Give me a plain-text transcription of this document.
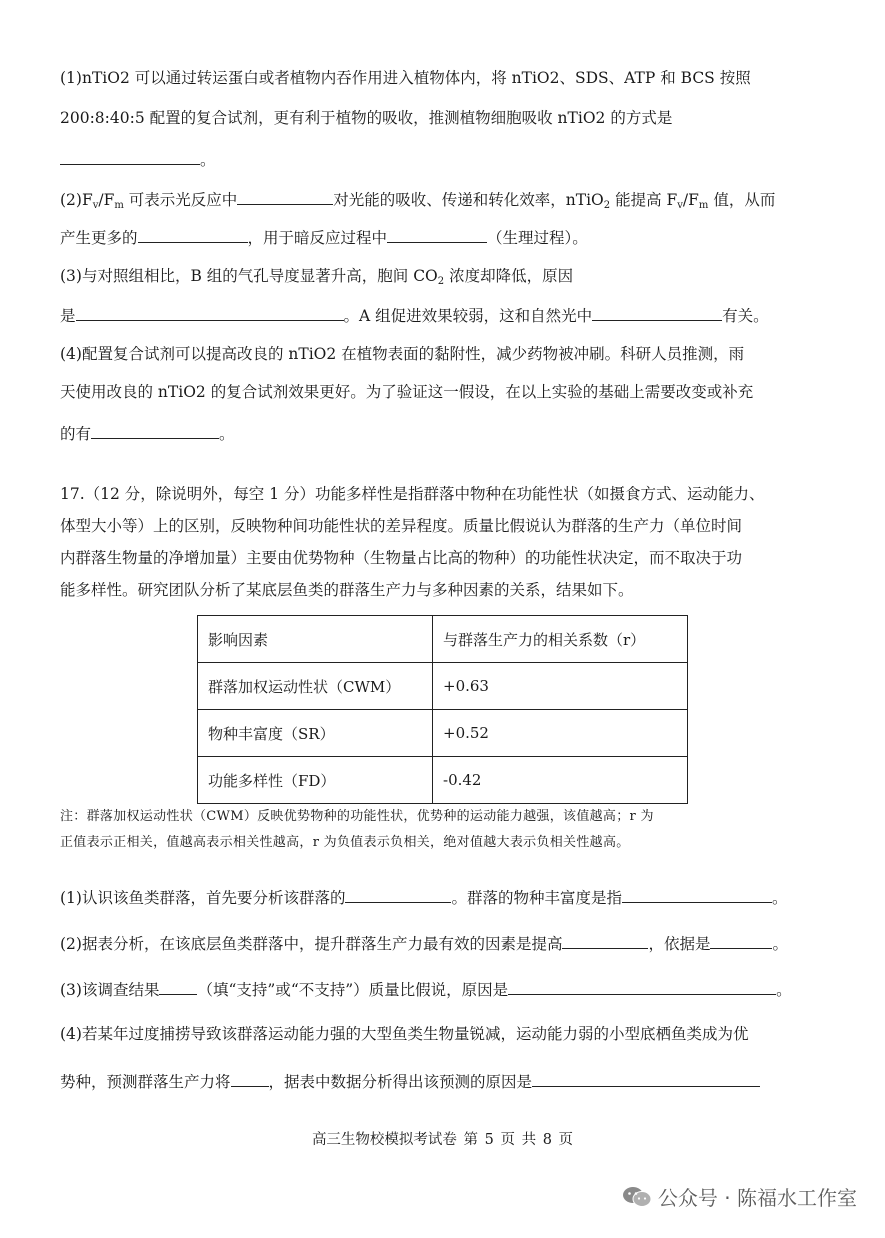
(1)nTiO2 可以通过转运蛋白或者植物内吞作用进入植物体内，将 nTiO2、SDS、ATP 和 BCS 按照
200:8:40:5 配置的复合试剂，更有利于植物的吸收，推测植物细胞吸收 nTiO2 的方式是
。
$(2)F_v/F_m$ 可表示光反应中	对光能的吸收、传递和转化效率，nTiO$_2$ 能提高 $F_v/F_m$ 值，从而
产生更多的	，用于暗反应过程中	（生理过程）。
(3)与对照组相比，B 组的气孔导度显著升高，胞间 $CO_2$ 浓度却降低，原因
是	。A 组促进效果较弱，这和自然光中	有关。
(4)配置复合试剂可以提高改良的 nTiO2 在植物表面的黏附性，减少药物被冲刷。科研人员推测，雨
天使用改良的 nTiO2 的复合试剂效果更好。为了验证这一假设，在以上实验的基础上需要改变或补充
的有	。
17.（12 分，除说明外，每空 1 分）功能多样性是指群落中物种在功能性状（如摄食方式、运动能力、
体型大小等）上的区别，反映物种间功能性状的差异程度。质量比假说认为群落的生产力（单位时间
内群落生物量的净增加量）主要由优势物种（生物量占比高的物种）的功能性状决定，而不取决于功
能多样性。研究团队分析了某底层鱼类的群落生产力与多种因素的关系，结果如下。
影响因素	与群落生产力的相关系数（r）
群落加权运动性状（CWM）	+0.63
物种丰富度（SR）	+0.52
功能多样性（FD）	-0.42
注：群落加权运动性状（CWM）反映优势物种的功能性状，优势种的运动能力越强，该值越高；r 为
正值表示正相关，值越高表示相关性越高，r 为负值表示负相关，绝对值越大表示负相关性越高。
(1)认识该鱼类群落，首先要分析该群落的	。群落的物种丰富度是指	。
(2)据表分析，在该底层鱼类群落中，提升群落生产力最有效的因素是提高	，依据是	。
(3)该调查结果 （填“支持”或“不支持”）质量比假说，原因是	。
(4)若某年过度捕捞导致该群落运动能力强的大型鱼类生物量锐减，运动能力弱的小型底栖鱼类成为优
势种，预测群落生产力将 ，据表中数据分析得出该预测的原因是
高三生物校模拟考试卷 第 5 页 共 8 页
公众号 · 陈福水工作室
